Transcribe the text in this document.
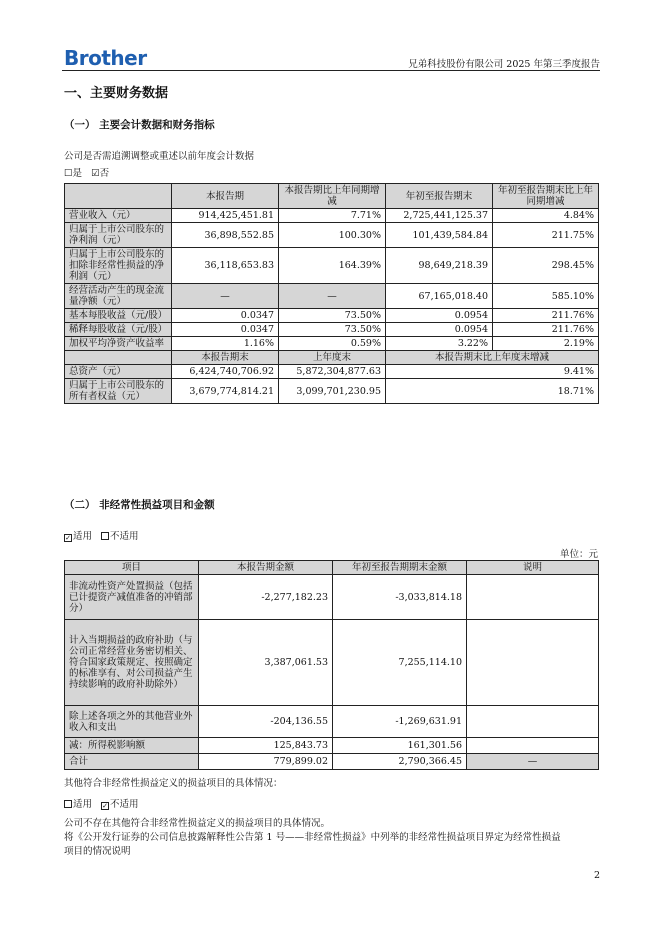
Brother	兄弟科技股份有限公司 2025 年第三季度报告
一、主要财务数据
（一） 主要会计数据和财务指标
公司是否需追溯调整或重述以前年度会计数据
☐是 ☑否
	本报告期	本报告期比上年同期增减	年初至报告期末	年初至报告期末比上年同期增减
营业收入（元）	914,425,451.81	7.71%	2,725,441,125.37	4.84%
归属于上市公司股东的净利润（元）	36,898,552.85	100.30%	101,439,584.84	211.75%
归属于上市公司股东的扣除非经常性损益的净利润（元）	36,118,653.83	164.39%	98,649,218.39	298.45%
经营活动产生的现金流量净额（元）	—	—	67,165,018.40	585.10%
基本每股收益（元/股）	0.0347	73.50%	0.0954	211.76%
稀释每股收益（元/股）	0.0347	73.50%	0.0954	211.76%
加权平均净资产收益率	1.16%	0.59%	3.22%	2.19%
	本报告期末	上年度末	本报告期末比上年度末增减	
总资产（元）	6,424,740,706.92	5,872,304,877.63	9.41%	
归属于上市公司股东的所有者权益（元）	3,679,774,814.21	3,099,701,230.95	18.71%	
（二） 非经常性损益项目和金额
✓ 适用 不适用
单位：元
项目	本报告期金额	年初至报告期期末金额	说明
非流动性资产处置损益（包括已计提资产减值准备的冲销部分）	-2,277,182.23	-3,033,814.18	
计入当期损益的政府补助（与公司正常经营业务密切相关、符合国家政策规定、按照确定的标准享有、对公司损益产生持续影响的政府补助除外）	3,387,061.53	7,255,114.10	
除上述各项之外的其他营业外收入和支出	-204,136.55	-1,269,631.91	
减：所得税影响额	125,843.73	161,301.56	
合计	779,899.02	2,790,366.45	—
其他符合非经常性损益定义的损益项目的具体情况：
适用 ✓ 不适用
公司不存在其他符合非经常性损益定义的损益项目的具体情况。
将《公开发行证券的公司信息披露解释性公告第 1 号——非经常性损益》中列举的非经常性损益项目界定为经常性损益
项目的情况说明
2
